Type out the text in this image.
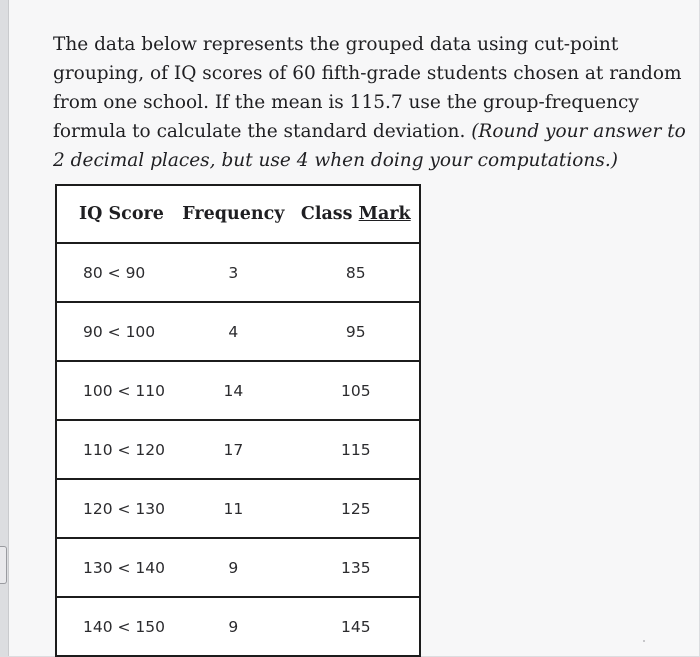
The data below represents the grouped data using cut-point grouping, of IQ scores of 60 fifth-grade students chosen at random from one school. If the mean is 115.7 use the group-frequency formula to calculate the standard deviation. (Round your answer to 2 decimal places, but use 4 when doing your computations.)

IQ Score	Frequency	Class Mark
80 < 90	3	85
90 < 100	4	95
100 < 110	14	105
110 < 120	17	115
120 < 130	11	125
130 < 140	9	135
140 < 150	9	145
